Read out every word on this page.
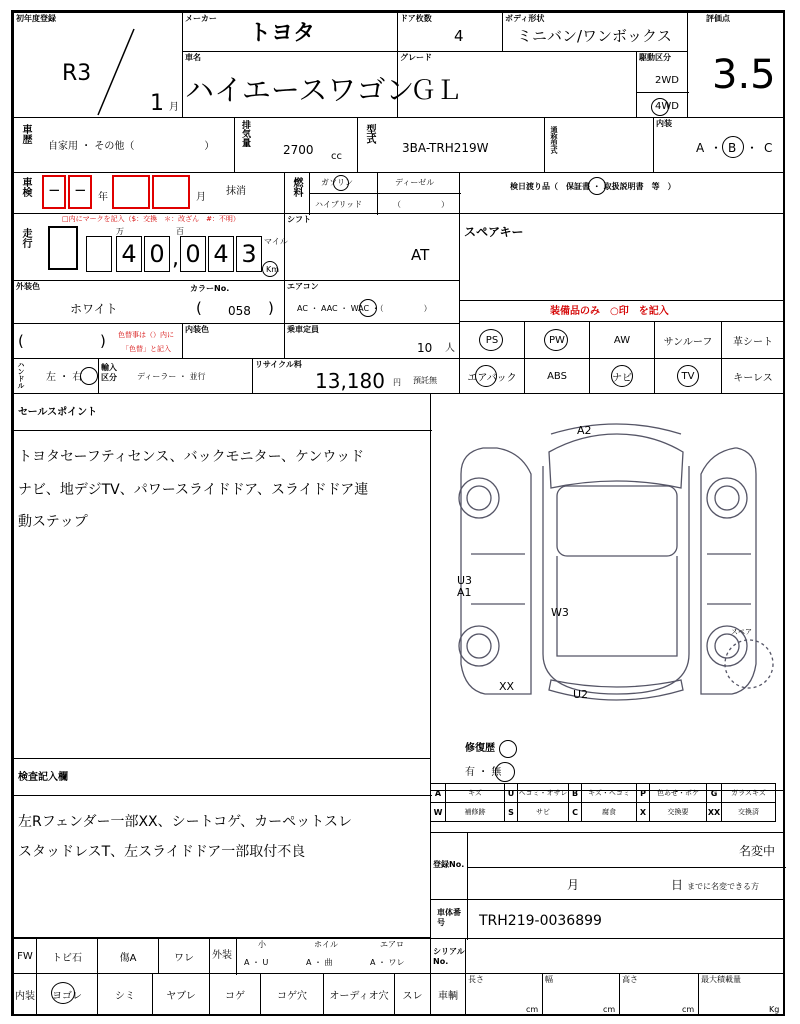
初年度登録
R3
1 月
メーカー
トヨタ
ドア枚数
4
ボディ形状
ミニバン/ワンボックス
評価点
3.5
車名
ハイエースワゴン
グレード
ＧＬ
駆動区分
2WD
4WD
車歴
自家用 ・ その他（　　　　　　　）	排気量
2700 cc
型式
3BA-TRH219W	通称型式
内装
A ・ B ・ C
車検 − − 年	月
抹消	燃料 ガソリン	ディーゼル
ハイブリッド	（　　　　　）
検日渡り品（　保証書 ・ 取扱説明書　等　）
走行
□内にマークを記入（$：交換　＊：改ざん　#：不明）
万	百
4 0 , 0 4 3 マイル
Km
シフト
AT
スペアキー
外装色
ホワイト
カラーNo.
( 058 )
エアコン
AC ・ AAC ・ WAC ・（　　　　　）	装備品のみ　○印　を記入
(	) 色替事は（）内に
「色替」と記入
内装色	乗車定員
10 人
PS	PW	AW	サンルーフ 革シート
エアバック	ABS	ナビ	TV	キーレス
ハンドル 左 ・ 右
輸入区分	ディーラー ・ 並行
リサイクル料
13,180 円 預託無
セールスポイント
トヨタセーフティセンス、バックモニター、ケンウッド
ナビ、地デジTV、パワースライドドア、スライドドア連
動ステップ
A2
U3
A1
W3
XX
U2
スペア
修復歴
有 ・ 無
検査記入欄
左Rフェンダー一部XX、シートコゲ、カーペットスレ
スタッドレスT、左スライドドア一部取付不良
登録No.
名変中
月	日 までに名変できる方
車体番号	TRH219-0036899
FW トビ石	傷A	ワレ 外装
小
A ・ U
ホイル
A ・ 曲
エアロ
A ・ ワレ
シリアルNo.
内装 ヨゴレ	シミ	ヤブレ	コゲ	コゲ穴 オーディオ穴 スレ 車輌
長さ
cm
幅
cm
高さ
cm
最大積載量
Kg
A	キズ	U ヘコミ・オサレ B	キズ・ヘコミ	P	色あせ・ボケ	G	ガラスキズ
W	補修跡	S	サビ	C	腐食	X	交換要	XX	交換済
